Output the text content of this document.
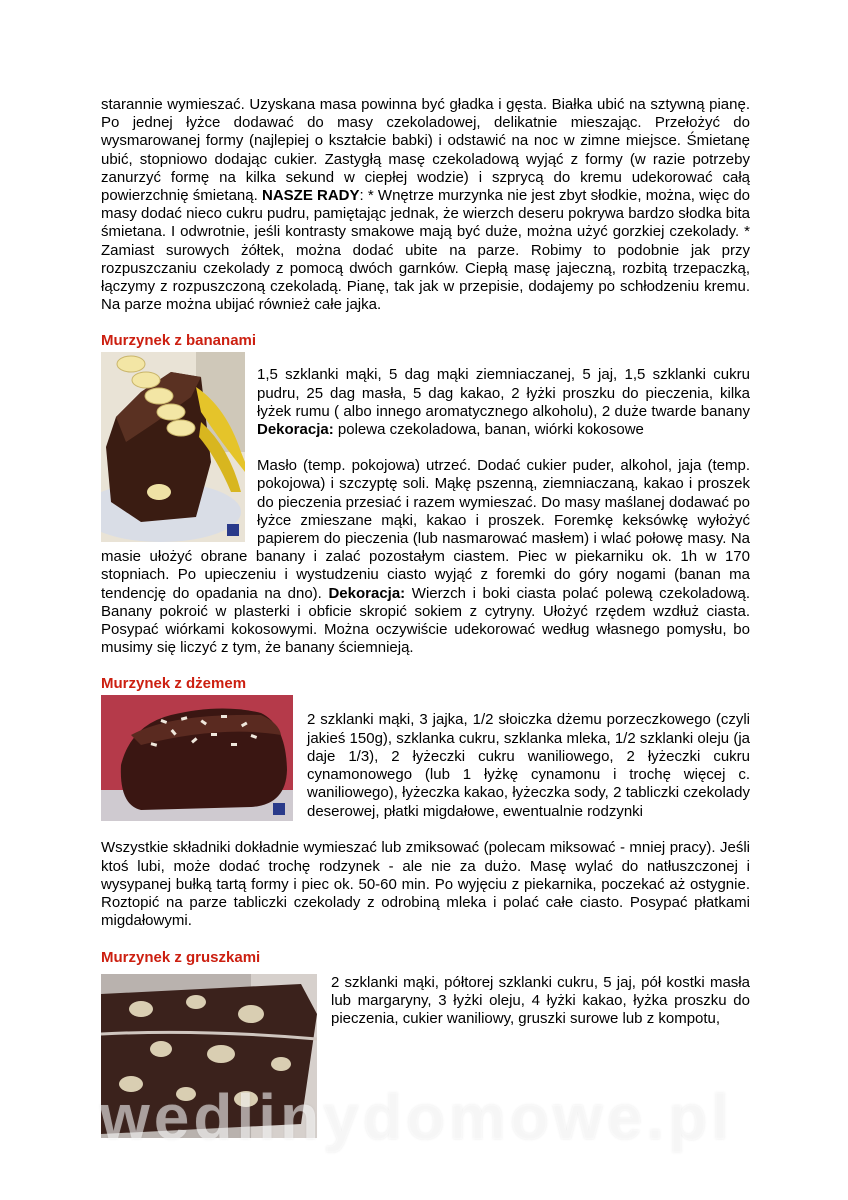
starannie wymieszać. Uzyskana masa powinna być gładka i gęsta. Białka ubić na sztywną pianę. Po jednej łyżce dodawać do masy czekoladowej, delikatnie mieszając. Przełożyć do wysmarowanej formy (najlepiej o kształcie babki) i odstawić na noc w zimne miejsce. Śmietanę ubić, stopniowo dodając cukier. Zastygłą masę czekoladową wyjąć z formy (w razie potrzeby zanurzyć formę na kilka sekund w ciepłej wodzie) i szprycą do kremu udekorować całą powierzchnię śmietaną. NASZE RADY: * Wnętrze murzynka nie jest zbyt słodkie, można, więc do masy dodać nieco cukru pudru, pamiętając jednak, że wierzch deseru pokrywa bardzo słodka bita śmietana. I odwrotnie, jeśli kontrasty smakowe mają być duże, można użyć gorzkiej czekolady. * Zamiast surowych żółtek, można dodać ubite na parze. Robimy to podobnie jak przy rozpuszczaniu czekolady z pomocą dwóch garnków. Ciepłą masę jajeczną, rozbitą trzepaczką, łączymy z rozpuszczoną czekoladą. Pianę, tak jak w przepisie, dodajemy po schłodzeniu kremu. Na parze można ubijać również całe jajka.

Murzynek z bananami

1,5 szklanki mąki, 5 dag mąki ziemniaczanej, 5 jaj, 1,5 szklanki cukru pudru, 25 dag masła, 5 dag kakao, 2 łyżki proszku do pieczenia, kilka łyżek rumu ( albo innego aromatycznego alkoholu), 2 duże twarde banany Dekoracja: polewa czekoladowa, banan, wiórki kokosowe

Masło (temp. pokojowa) utrzeć. Dodać cukier puder, alkohol, jaja (temp. pokojowa) i szczyptę soli. Mąkę pszenną, ziemniaczaną, kakao i proszek do pieczenia przesiać i razem wymieszać. Do masy maślanej dodawać po łyżce zmieszane mąki, kakao i proszek. Foremkę keksówkę wyłożyć papierem do pieczenia (lub nasmarować masłem) i wlać połowę masy. Na masie ułożyć obrane banany i zalać pozostałym ciastem. Piec w piekarniku ok. 1h w 170 stopniach. Po upieczeniu i wystudzeniu ciasto wyjąć z foremki do góry nogami (banan ma tendencję do opadania na dno). Dekoracja: Wierzch i boki ciasta polać polewą czekoladową. Banany pokroić w plasterki i obficie skropić sokiem z cytryny. Ułożyć rzędem wzdłuż ciasta. Posypać wiórkami kokosowymi. Można oczywiście udekorować według własnego pomysłu, bo musimy się liczyć z tym, że banany ściemnieją.

Murzynek z dżemem

2 szklanki mąki, 3 jajka, 1/2 słoiczka dżemu porzeczkowego (czyli jakieś 150g), szklanka cukru, szklanka mleka, 1/2 szklanki oleju (ja daje 1/3), 2 łyżeczki cukru waniliowego, 2 łyżeczki cukru cynamonowego (lub 1 łyżkę cynamonu i trochę więcej c. waniliowego), łyżeczka kakao, łyżeczka sody, 2 tabliczki czekolady deserowej, płatki migdałowe, ewentualnie rodzynki

Wszystkie składniki dokładnie wymieszać lub zmiksować (polecam miksować - mniej pracy). Jeśli ktoś lubi, może dodać trochę rodzynek - ale nie za dużo. Masę wylać do natłuszczonej i wysypanej bułką tartą formy i piec ok. 50-60 min. Po wyjęciu z piekarnika, poczekać aż ostygnie. Roztopić na parze tabliczki czekolady z odrobiną mleka i polać całe ciasto. Posypać płatkami migdałowymi.

Murzynek z gruszkami

2 szklanki mąki, półtorej szklanki cukru, 5 jaj, pół kostki masła lub margaryny, 3 łyżki oleju, 4 łyżki kakao, łyżka proszku do pieczenia, cukier waniliowy, gruszki surowe lub z kompotu,

wedlinydomowe.pl
